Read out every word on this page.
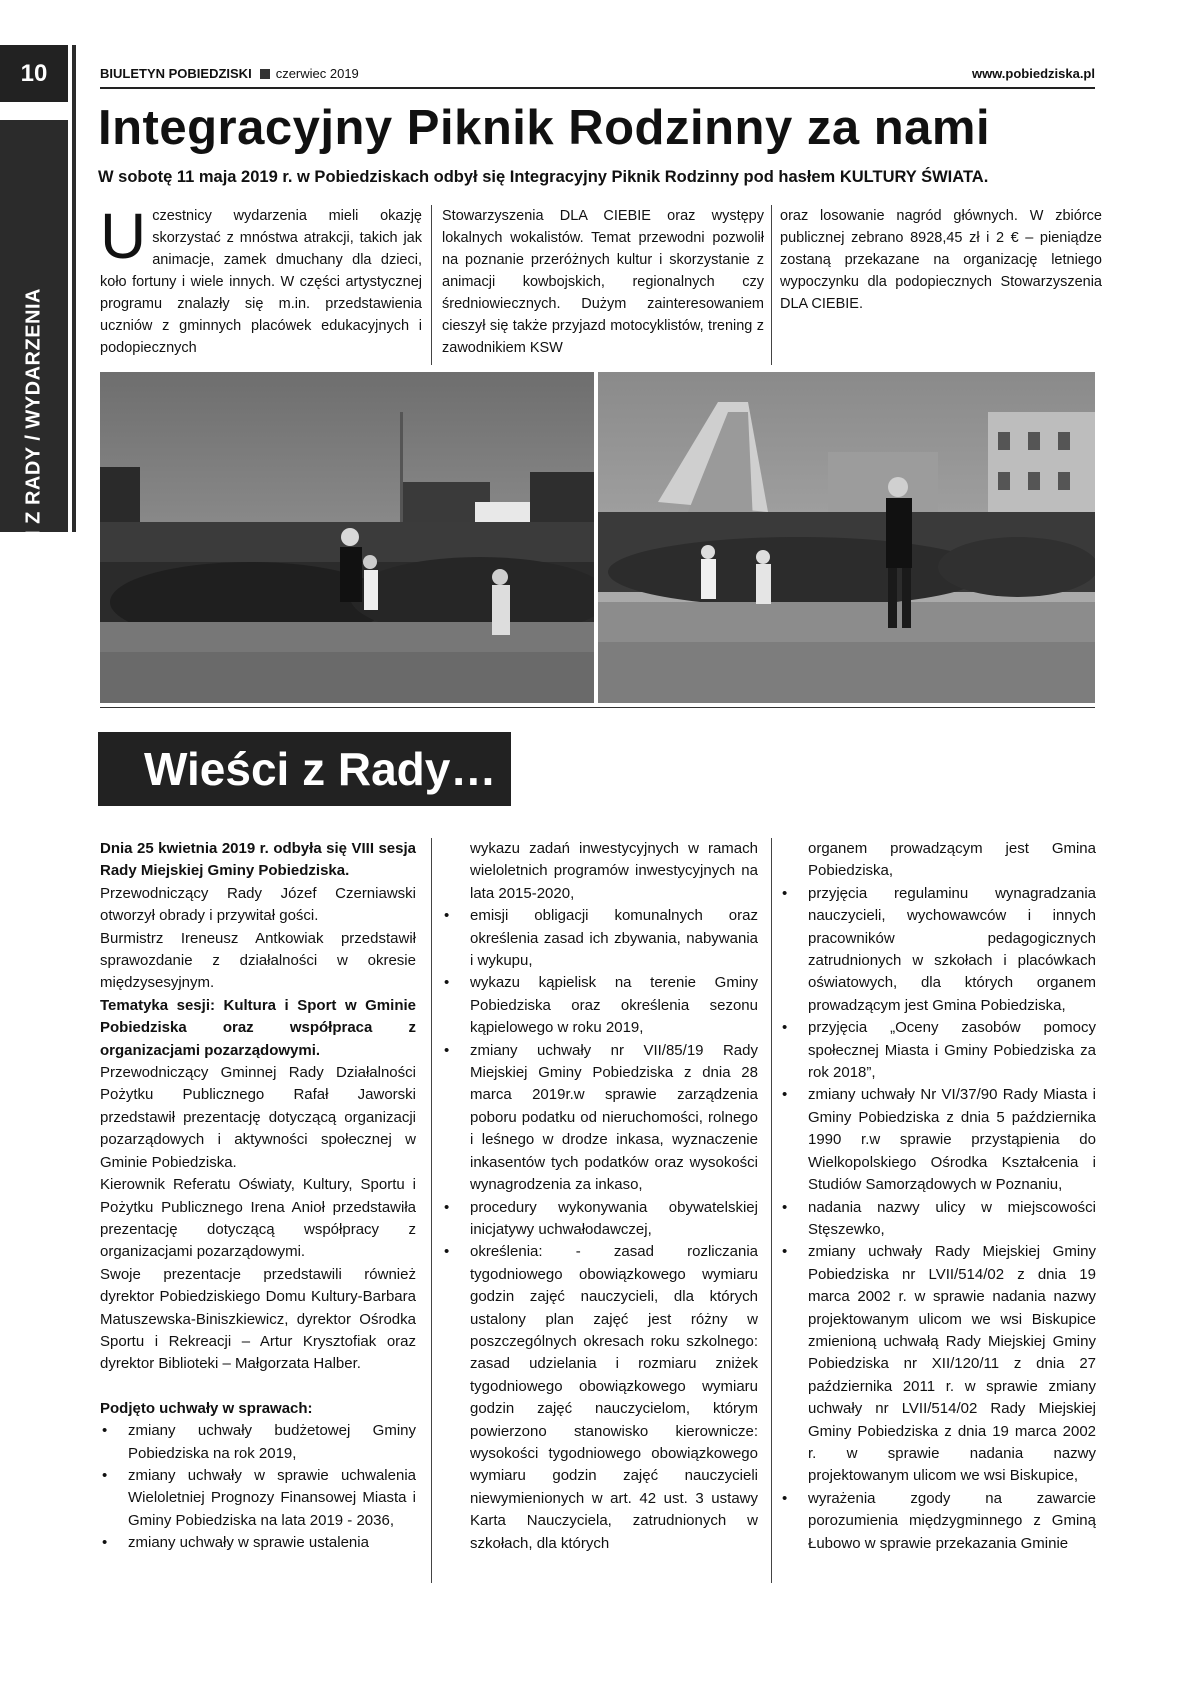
10
WIEŚCI Z RADY / WYDARZENIA
BIULETYN POBIEDZISKI czerwiec 2019	www.pobiedziska.pl
Integracyjny Piknik Rodzinny za nami
W sobotę 11 maja 2019 r. w Pobiedziskach odbył się Integracyjny Piknik Rodzinny pod hasłem KULTURY ŚWIATA.
Uczestnicy wydarzenia mieli okazję skorzystać z mnóstwa atrakcji, takich jak animacje, zamek dmuchany dla dzieci, koło fortuny i wiele innych. W części artystycznej programu znalazły się m.in. przedstawienia uczniów z gminnych placówek edukacyjnych i podopiecznych
Stowarzyszenia DLA CIEBIE oraz występy lokalnych wokalistów. Temat przewodni pozwolił na poznanie przeróżnych kultur i skorzystanie z animacji kowbojskich, regionalnych czy średniowiecznych. Dużym zainteresowaniem cieszył się także przyjazd motocyklistów, trening z zawodnikiem KSW
oraz losowanie nagród głównych. W zbiórce publicznej zebrano 8928,45 zł i 2 € – pieniądze zostaną przekazane na organizację letniego wypoczynku dla podopiecznych Stowarzyszenia DLA CIEBIE.
Wieści z Rady…

Dnia 25 kwietnia 2019 r. odbyła się VIII sesja Rady Miejskiej Gminy Pobiedziska.

Przewodniczący Rady Józef Czerniawski otworzył obrady i przywitał gości.

Burmistrz Ireneusz Antkowiak przedstawił sprawozdanie z działalności w okresie międzysesyjnym.

Tematyka sesji: Kultura i Sport w Gminie Pobiedziska oraz współpraca z organizacjami pozarządowymi.

Przewodniczący Gminnej Rady Działalności Pożytku Publicznego Rafał Jaworski przedstawił prezentację dotyczącą organizacji pozarządowych i aktywności społecznej w Gminie Pobiedziska.

Kierownik Referatu Oświaty, Kultury, Sportu i Pożytku Publicznego Irena Anioł przedstawiła prezentację dotyczącą współpracy z organizacjami pozarządowymi.

Swoje prezentacje przedstawili również dyrektor Pobiedziskiego Domu Kultury-Barbara Matuszewska-Biniszkiewicz, dyrektor Ośrodka Sportu i Rekreacji – Artur Krysztofiak oraz dyrektor Biblioteki – Małgorzata Halber.

Podjęto uchwały w sprawach:

• zmiany uchwały budżetowej Gminy Pobiedziska na rok 2019,
• zmiany uchwały w sprawie uchwalenia Wieloletniej Prognozy Finansowej Miasta i Gminy Pobiedziska na lata 2019 - 2036,
• zmiany uchwały w sprawie ustalenia
wykazu zadań inwestycyjnych w ramach wieloletnich programów inwestycyjnych na lata 2015-2020,
• emisji obligacji komunalnych oraz określenia zasad ich zbywania, nabywania i wykupu,
• wykazu kąpielisk na terenie Gminy Pobiedziska oraz określenia sezonu kąpielowego w roku 2019,
• zmiany uchwały nr VII/85/19 Rady Miejskiej Gminy Pobiedziska z dnia 28 marca 2019r.w sprawie zarządzenia poboru podatku od nieruchomości, rolnego i leśnego w drodze inkasa, wyznaczenie inkasentów tych podatków oraz wysokości wynagrodzenia za inkaso,
• procedury wykonywania obywatelskiej inicjatywy uchwałodawczej,
• określenia: - zasad rozliczania tygodniowego obowiązkowego wymiaru godzin zajęć nauczycieli, dla których ustalony plan zajęć jest różny w poszczególnych okresach roku szkolnego: zasad udzielania i rozmiaru zniżek tygodniowego obowiązkowego wymiaru godzin zajęć nauczycielom, którym powierzono stanowisko kierownicze: wysokości tygodniowego obowiązkowego wymiaru godzin zajęć nauczycieli niewymienionych w art. 42 ust. 3 ustawy Karta Nauczyciela, zatrudnionych w szkołach, dla których
organem prowadzącym jest Gmina Pobiedziska,
• przyjęcia regulaminu wynagradzania nauczycieli, wychowawców i innych pracowników pedagogicznych zatrudnionych w szkołach i placówkach oświatowych, dla których organem prowadzącym jest Gmina Pobiedziska,
• przyjęcia „Oceny zasobów pomocy społecznej Miasta i Gminy Pobiedziska za rok 2018”,
• zmiany uchwały Nr VI/37/90 Rady Miasta i Gminy Pobiedziska z dnia 5 października 1990 r.w sprawie przystąpienia do Wielkopolskiego Ośrodka Kształcenia i Studiów Samorządowych w Poznaniu,
• nadania nazwy ulicy w miejscowości Stęszewko,
• zmiany uchwały Rady Miejskiej Gminy Pobiedziska nr LVII/514/02 z dnia 19 marca 2002 r. w sprawie nadania nazwy projektowanym ulicom we wsi Biskupice zmienioną uchwałą Rady Miejskiej Gminy Pobiedziska nr XII/120/11 z dnia 27 października 2011 r. w sprawie zmiany uchwały nr LVII/514/02 Rady Miejskiej Gminy Pobiedziska z dnia 19 marca 2002 r. w sprawie nadania nazwy projektowanym ulicom we wsi Biskupice,
• wyrażenia zgody na zawarcie porozumienia międzygminnego z Gminą Łubowo w sprawie przekazania Gminie
